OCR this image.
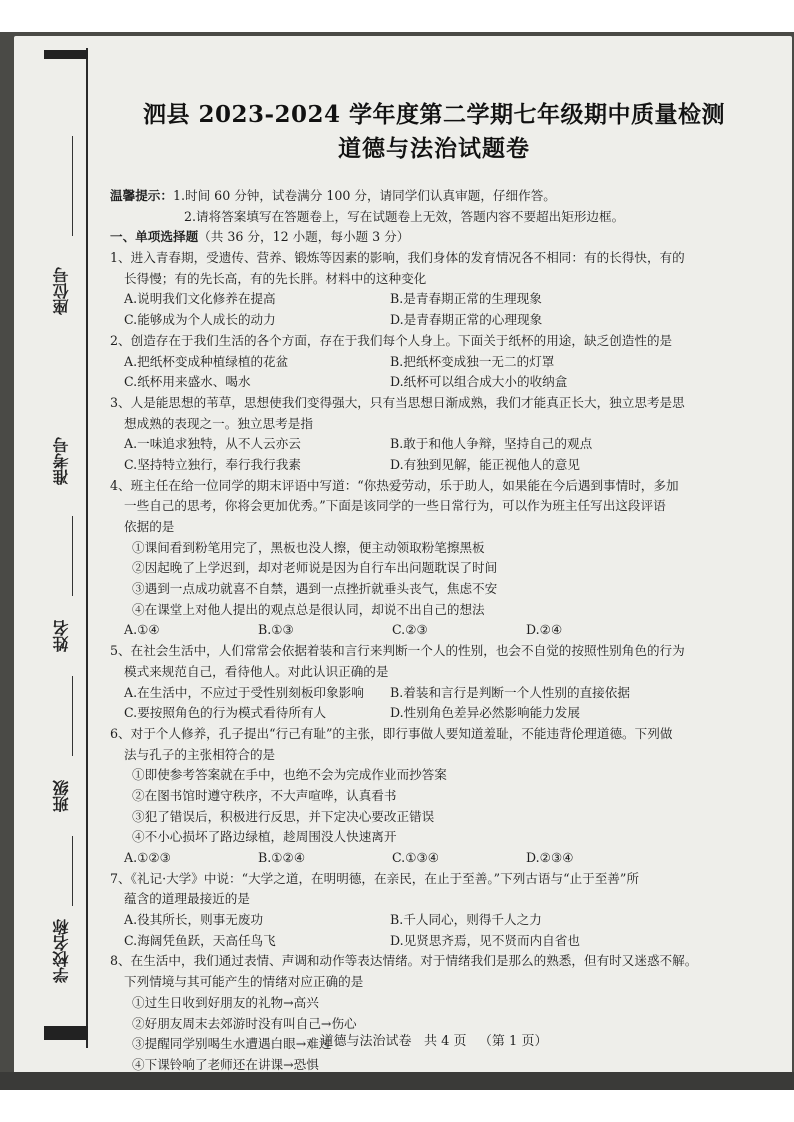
座位号
准考号
姓名
班级
学校名称
泗县 2023-2024 学年度第二学期七年级期中质量检测
道德与法治试题卷
温馨提示：1.时间 60 分钟，试卷满分 100 分，请同学们认真审题，仔细作答。
2.请将答案填写在答题卷上，写在试题卷上无效，答题内容不要超出矩形边框。
一、单项选择题（共 36 分，12 小题，每小题 3 分）
1、进入青春期，受遗传、营养、锻炼等因素的影响，我们身体的发育情况各不相同：有的长得快，有的
长得慢；有的先长高，有的先长胖。材料中的这种变化
A.说明我们文化修养在提高	B.是青春期正常的生理现象
C.能够成为个人成长的动力	D.是青春期正常的心理现象
2、创造存在于我们生活的各个方面，存在于我们每个人身上。下面关于纸杯的用途，缺乏创造性的是
A.把纸杯变成种植绿植的花盆	B.把纸杯变成独一无二的灯罩
C.纸杯用来盛水、喝水	D.纸杯可以组合成大小的收纳盒
3、人是能思想的苇草，思想使我们变得强大，只有当思想日渐成熟，我们才能真正长大，独立思考是思
想成熟的表现之一。独立思考是指
A.一味追求独特，从不人云亦云	B.敢于和他人争辩，坚持自己的观点
C.坚持特立独行，奉行我行我素	D.有独到见解，能正视他人的意见
4、班主任在给一位同学的期末评语中写道：“你热爱劳动，乐于助人，如果能在今后遇到事情时，多加
一些自己的思考，你将会更加优秀。”下面是该同学的一些日常行为，可以作为班主任写出这段评语
依据的是
①课间看到粉笔用完了，黑板也没人擦，便主动领取粉笔擦黑板
②因起晚了上学迟到，却对老师说是因为自行车出问题耽误了时间
③遇到一点成功就喜不自禁，遇到一点挫折就垂头丧气，焦虑不安
④在课堂上对他人提出的观点总是很认同，却说不出自己的想法
A.①④	B.①③	C.②③	D.②④
5、在社会生活中，人们常常会依据着装和言行来判断一个人的性别，也会不自觉的按照性别角色的行为
模式来规范自己，看待他人。对此认识正确的是
A.在生活中，不应过于受性别刻板印象影响	B.着装和言行是判断一个人性别的直接依据
C.要按照角色的行为模式看待所有人	D.性别角色差异必然影响能力发展
6、对于个人修养，孔子提出“行己有耻”的主张，即行事做人要知道羞耻，不能违背伦理道德。下列做
法与孔子的主张相符合的是
①即使参考答案就在手中，也绝不会为完成作业而抄答案
②在图书馆时遵守秩序，不大声喧哗，认真看书
③犯了错误后，积极进行反思，并下定决心要改正错误
④不小心损坏了路边绿植，趁周围没人快速离开
A.①②③	B.①②④	C.①③④	D.②③④
7、《礼记·大学》中说：“大学之道，在明明德，在亲民，在止于至善。”下列古语与“止于至善”所
蕴含的道理最接近的是
A.役其所长，则事无废功	B.千人同心，则得千人之力
C.海阔凭鱼跃，天高任鸟飞	D.见贤思齐焉，见不贤而内自省也
8、在生活中，我们通过表情、声调和动作等表达情绪。对于情绪我们是那么的熟悉，但有时又迷惑不解。
下列情境与其可能产生的情绪对应正确的是
①过生日收到好朋友的礼物→高兴
②好朋友周末去郊游时没有叫自己→伤心
③提醒同学别喝生水遭遇白眼→难过
④下课铃响了老师还在讲课→恐惧
道德与法治试卷 共 4 页 （第 1 页）
